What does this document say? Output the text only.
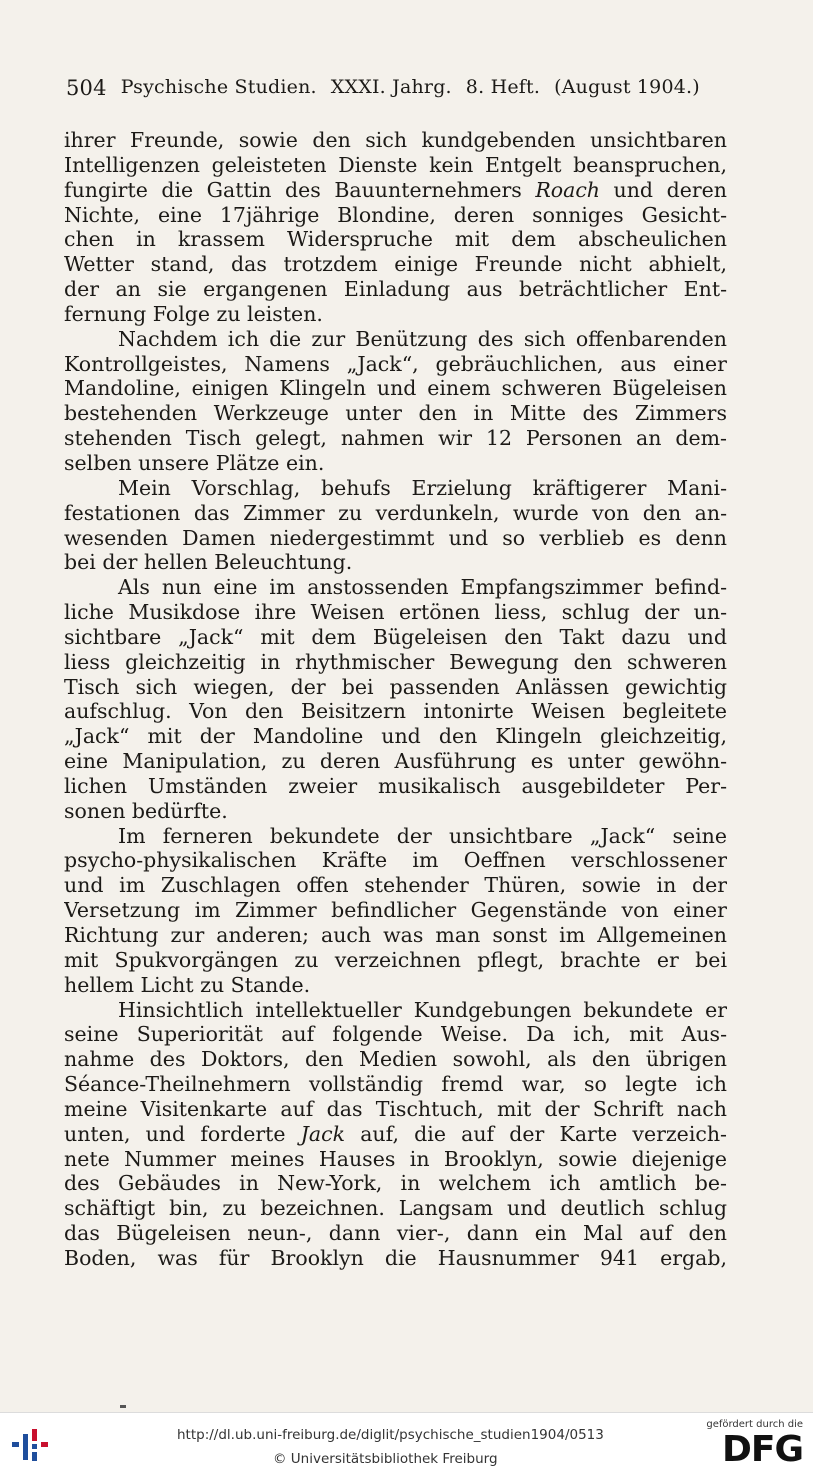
504 Psychische Studien. XXXI. Jahrg. 8. Heft. (August 1904.)
ihrer Freunde, sowie den sich kundgebenden unsichtbaren
Intelligenzen geleisteten Dienste kein Entgelt beanspruchen,
fungirte die Gattin des Bauunternehmers Roach und deren
Nichte, eine 17jährige Blondine, deren sonniges Gesicht-
chen in krassem Widerspruche mit dem abscheulichen
Wetter stand, das trotzdem einige Freunde nicht abhielt,
der an sie ergangenen Einladung aus beträchtlicher Ent-
fernung Folge zu leisten.
Nachdem ich die zur Benützung des sich offenbarenden
Kontrollgeistes, Namens „Jack“, gebräuchlichen, aus einer
Mandoline, einigen Klingeln und einem schweren Bügeleisen
bestehenden Werkzeuge unter den in Mitte des Zimmers
stehenden Tisch gelegt, nahmen wir 12 Personen an dem-
selben unsere Plätze ein.
Mein Vorschlag, behufs Erzielung kräftigerer Mani-
festationen das Zimmer zu verdunkeln, wurde von den an-
wesenden Damen niedergestimmt und so verblieb es denn
bei der hellen Beleuchtung.
Als nun eine im anstossenden Empfangszimmer befind-
liche Musikdose ihre Weisen ertönen liess, schlug der un-
sichtbare „Jack“ mit dem Bügeleisen den Takt dazu und
liess gleichzeitig in rhythmischer Bewegung den schweren
Tisch sich wiegen, der bei passenden Anlässen gewichtig
aufschlug. Von den Beisitzern intonirte Weisen begleitete
„Jack“ mit der Mandoline und den Klingeln gleichzeitig,
eine Manipulation, zu deren Ausführung es unter gewöhn-
lichen Umständen zweier musikalisch ausgebildeter Per-
sonen bedürfte.
Im ferneren bekundete der unsichtbare „Jack“ seine
psycho-physikalischen Kräfte im Oeffnen verschlossener
und im Zuschlagen offen stehender Thüren, sowie in der
Versetzung im Zimmer befindlicher Gegenstände von einer
Richtung zur anderen; auch was man sonst im Allgemeinen
mit Spukvorgängen zu verzeichnen pflegt, brachte er bei
hellem Licht zu Stande.
Hinsichtlich intellektueller Kundgebungen bekundete er
seine Superiorität auf folgende Weise. Da ich, mit Aus-
nahme des Doktors, den Medien sowohl, als den übrigen
Séance-Theilnehmern vollständig fremd war, so legte ich
meine Visitenkarte auf das Tischtuch, mit der Schrift nach
unten, und forderte Jack auf, die auf der Karte verzeich-
nete Nummer meines Hauses in Brooklyn, sowie diejenige
des Gebäudes in New-York, in welchem ich amtlich be-
schäftigt bin, zu bezeichnen. Langsam und deutlich schlug
das Bügeleisen neun-, dann vier-, dann ein Mal auf den
Boden, was für Brooklyn die Hausnummer 941 ergab,
http://dl.ub.uni-freiburg.de/diglit/psychische_studien1904/0513
© Universitätsbibliothek Freiburg
gefördert durch die
DFG
